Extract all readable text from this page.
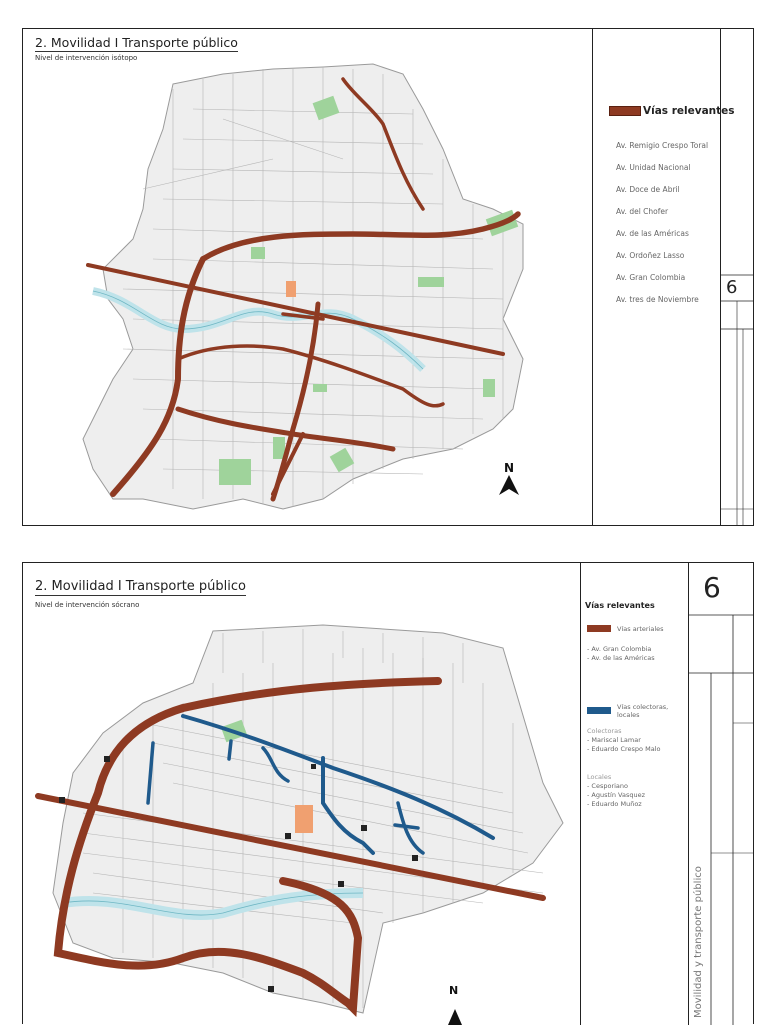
2. Movilidad I Transporte público
Nivel de intervención isótopo
N
Vías relevantes
Av. Remigio Crespo Toral
Av. Unidad Nacional
Av. Doce de Abril
Av. del Chofer
Av. de las Américas
Av. Ordoñez Lasso
Av. Gran Colombia
Av. tres de Noviembre
6
2. Movilidad I Transporte público
Nivel de intervención sócrano
N
Vías relevantes
Vías arteriales
- Av. Gran Colombia
- Av. de las Américas
Vías colectoras, locales
Colectoras
- Mariscal Lamar
- Eduardo Crespo Malo
Locales
- Cesporiano
- Agustín Vasquez
- Eduardo Muñoz
6
Movilidad y transporte público
